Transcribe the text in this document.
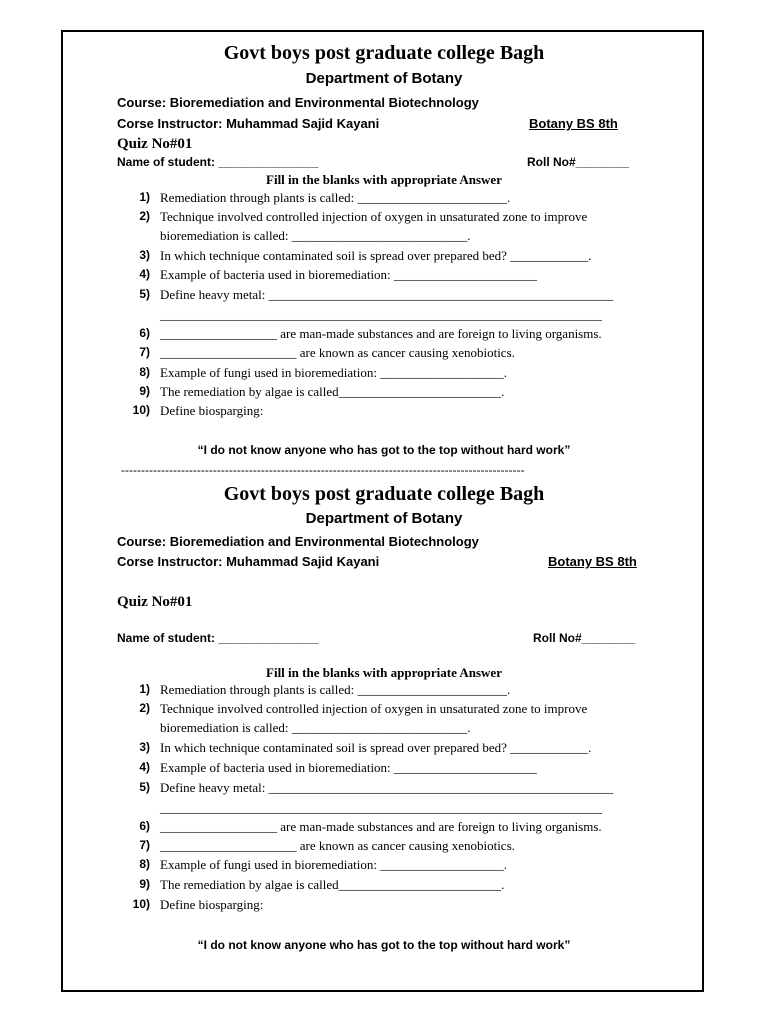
Govt boys post graduate college Bagh
Department of Botany
Course: Bioremediation and Environmental Biotechnology
Corse Instructor: Muhammad Sajid Kayani	Botany BS 8th
Quiz No#01
Name of student: _______________	Roll No#________
Fill in the blanks with appropriate Answer
1) Remediation through plants is called: _______________________.
2) Technique involved controlled injection of oxygen in unsaturated zone to improve
bioremediation is called: ___________________________.
3) In which technique contaminated soil is spread over prepared bed? ____________.
4) Example of bacteria used in bioremediation: ______________________
5) Define heavy metal: _____________________________________________________
____________________________________________________________________
6) __________________ are man-made substances and are foreign to living organisms.
7) _____________________ are known as cancer causing xenobiotics.
8) Example of fungi used in bioremediation: ___________________.
9) The remediation by algae is called_________________________.
10) Define biosparging:
“I do not know anyone who has got to the top without hard work”
Govt boys post graduate college Bagh
Department of Botany
Course: Bioremediation and Environmental Biotechnology
Corse Instructor: Muhammad Sajid Kayani	Botany BS 8th
Quiz No#01
Name of student: _______________	Roll No#________
Fill in the blanks with appropriate Answer
1) Remediation through plants is called: _______________________.
2) Technique involved controlled injection of oxygen in unsaturated zone to improve
bioremediation is called: ___________________________.
3) In which technique contaminated soil is spread over prepared bed? ____________.
4) Example of bacteria used in bioremediation: ______________________
5) Define heavy metal: _____________________________________________________
____________________________________________________________________
6) __________________ are man-made substances and are foreign to living organisms.
7) _____________________ are known as cancer causing xenobiotics.
8) Example of fungi used in bioremediation: ___________________.
9) The remediation by algae is called_________________________.
10) Define biosparging:
“I do not know anyone who has got to the top without hard work”
-----------------------------------------------------------------------------------------------------
